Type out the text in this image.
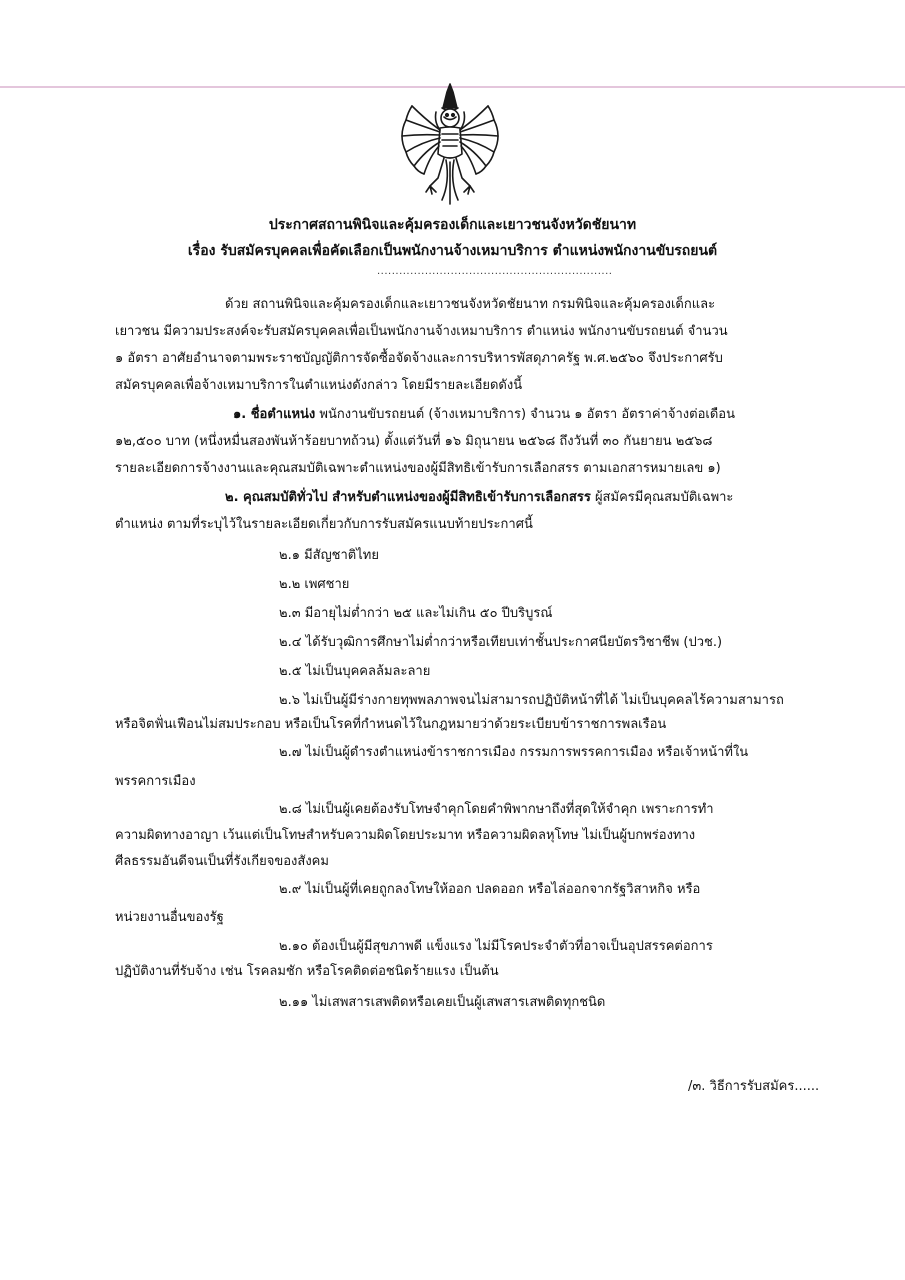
ประกาศสถานพินิจและคุ้มครองเด็กและเยาวชนจังหวัดชัยนาท
เรื่อง รับสมัครบุคคลเพื่อคัดเลือกเป็นพนักงานจ้างเหมาบริการ ตำแหน่งพนักงานขับรถยนต์
................................................................
ด้วย สถานพินิจและคุ้มครองเด็กและเยาวชนจังหวัดชัยนาท กรมพินิจและคุ้มครองเด็กและ
เยาวชน มีความประสงค์จะรับสมัครบุคคลเพื่อเป็นพนักงานจ้างเหมาบริการ ตำแหน่ง พนักงานขับรถยนต์ จำนวน
๑ อัตรา อาศัยอำนาจตามพระราชบัญญัติการจัดซื้อจัดจ้างและการบริหารพัสดุภาครัฐ พ.ศ.๒๕๖๐ จึงประกาศรับ
สมัครบุคคลเพื่อจ้างเหมาบริการในตำแหน่งดังกล่าว โดยมีรายละเอียดดังนี้
๑. ชื่อตำแหน่ง พนักงานขับรถยนต์ (จ้างเหมาบริการ) จำนวน ๑ อัตรา อัตราค่าจ้างต่อเดือน
๑๒,๕๐๐ บาท (หนึ่งหมื่นสองพันห้าร้อยบาทถ้วน) ตั้งแต่วันที่ ๑๖ มิถุนายน ๒๕๖๘ ถึงวันที่ ๓๐ กันยายน ๒๕๖๘
รายละเอียดการจ้างงานและคุณสมบัติเฉพาะตำแหน่งของผู้มีสิทธิเข้ารับการเลือกสรร ตามเอกสารหมายเลข ๑)
๒. คุณสมบัติทั่วไป สำหรับตำแหน่งของผู้มีสิทธิเข้ารับการเลือกสรร ผู้สมัครมีคุณสมบัติเฉพาะ
ตำแหน่ง ตามที่ระบุไว้ในรายละเอียดเกี่ยวกับการรับสมัครแนบท้ายประกาศนี้
๒.๑ มีสัญชาติไทย
๒.๒ เพศชาย
๒.๓ มีอายุไม่ต่ำกว่า ๒๕ และไม่เกิน ๕๐ ปีบริบูรณ์
๒.๔ ได้รับวุฒิการศึกษาไม่ต่ำกว่าหรือเทียบเท่าชั้นประกาศนียบัตรวิชาชีพ (ปวช.)
๒.๕ ไม่เป็นบุคคลล้มละลาย
๒.๖ ไม่เป็นผู้มีร่างกายทุพพลภาพจนไม่สามารถปฏิบัติหน้าที่ได้ ไม่เป็นบุคคลไร้ความสามารถ
หรือจิตฟั่นเฟือนไม่สมประกอบ หรือเป็นโรคที่กำหนดไว้ในกฎหมายว่าด้วยระเบียบข้าราชการพลเรือน
๒.๗ ไม่เป็นผู้ดำรงตำแหน่งข้าราชการเมือง กรรมการพรรคการเมือง หรือเจ้าหน้าที่ใน
พรรคการเมือง
๒.๘ ไม่เป็นผู้เคยต้องรับโทษจำคุกโดยคำพิพากษาถึงที่สุดให้จำคุก เพราะการทำ
ความผิดทางอาญา เว้นแต่เป็นโทษสำหรับความผิดโดยประมาท หรือความผิดลหุโทษ ไม่เป็นผู้บกพร่องทาง
ศีลธรรมอันดีจนเป็นที่รังเกียจของสังคม
๒.๙ ไม่เป็นผู้ที่เคยถูกลงโทษให้ออก ปลดออก หรือไล่ออกจากรัฐวิสาหกิจ หรือ
หน่วยงานอื่นของรัฐ
๒.๑๐ ต้องเป็นผู้มีสุขภาพดี แข็งแรง ไม่มีโรคประจำตัวที่อาจเป็นอุปสรรคต่อการ
ปฏิบัติงานที่รับจ้าง เช่น โรคลมชัก หรือโรคติดต่อชนิดร้ายแรง เป็นต้น
๒.๑๑ ไม่เสพสารเสพติดหรือเคยเป็นผู้เสพสารเสพติดทุกชนิด
/๓. วิธีการรับสมัคร......
